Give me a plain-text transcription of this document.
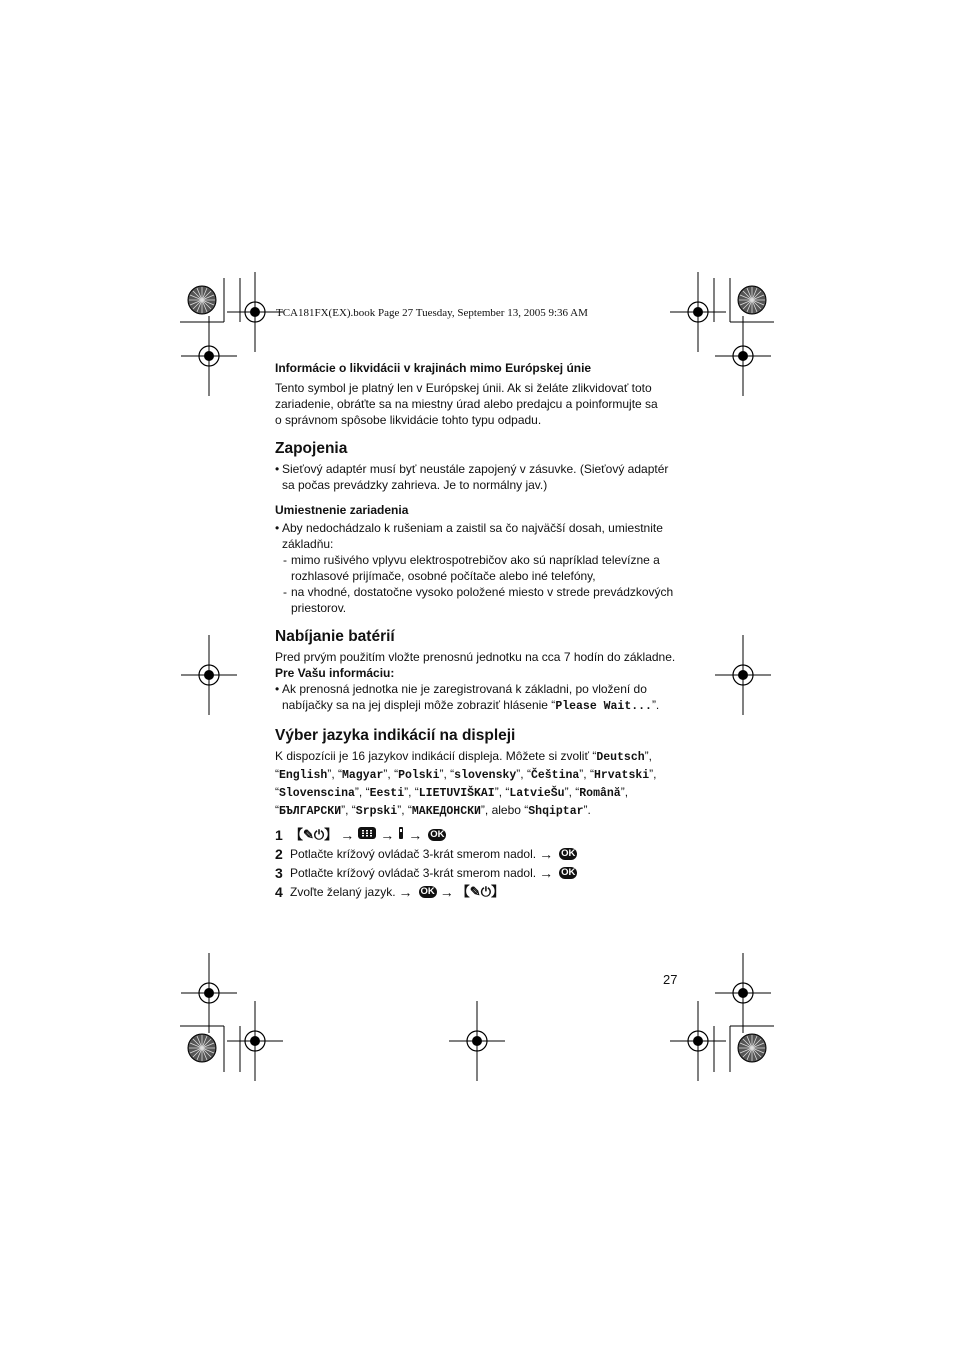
TCA181FX(EX).book Page 27 Tuesday, September 13, 2005 9:36 AM

Informácie o likvidácii v krajinách mimo Európskej únie

Tento symbol je platný len v Európskej únii. Ak si želáte zlikvidovať toto

zariadenie, obráťte sa na miestny úrad alebo predajcu a poinformujte sa

o správnom spôsobe likvidácie tohto typu odpadu.

Zapojenia

• Sieťový adaptér musí byť neustále zapojený v zásuvke. (Sieťový adaptér
sa počas prevádzky zahrieva. Je to normálny jav.)

Umiestnenie zariadenia

• Aby nedochádzalo k rušeniam a zaistil sa čo najväčší dosah, umiestnite
základňu:
- mimo rušivého vplyvu elektrospotrebičov ako sú napríklad televízne a
rozhlasové prijímače, osobné počítače alebo iné telefóny,
- na vhodné, dostatočne vysoko položené miesto v strede prevádzkových
priestorov.

Nabíjanie batérií

Pred prvým použitím vložte prenosnú jednotku na cca 7 hodín do základne.

Pre Vašu informáciu:

• Ak prenosná jednotka nie je zaregistrovaná k základni, po vložení do
nabíjačky sa na jej displeji môže zobraziť hlásenie “Please Wait...”.

Výber jazyka indikácií na displeji

K dispozícii je 16 jazykov indikácií displeja. Môžete si zvoliť “Deutsch”, “English”, “Magyar”, “Polski”, “slovensky”, “Čeština”, “Hrvatski”, “Slovenscina”, “Eesti”, “LIETUVIŠKAI”, “LatvieŠu”, “Română”, “БЪЛГАРСКИ”, “Srpski”, “МАКЕДОНСКИ”, alebo “Shqiptar”.
1 【✎⏻】 → → → OK
2 Potlačte krížový ovládač 3-krát smerom nadol. → OK
3 Potlačte krížový ovládač 3-krát smerom nadol. → OK
4 Zvoľte želaný jazyk. → OK → 【✎⏻】
27
